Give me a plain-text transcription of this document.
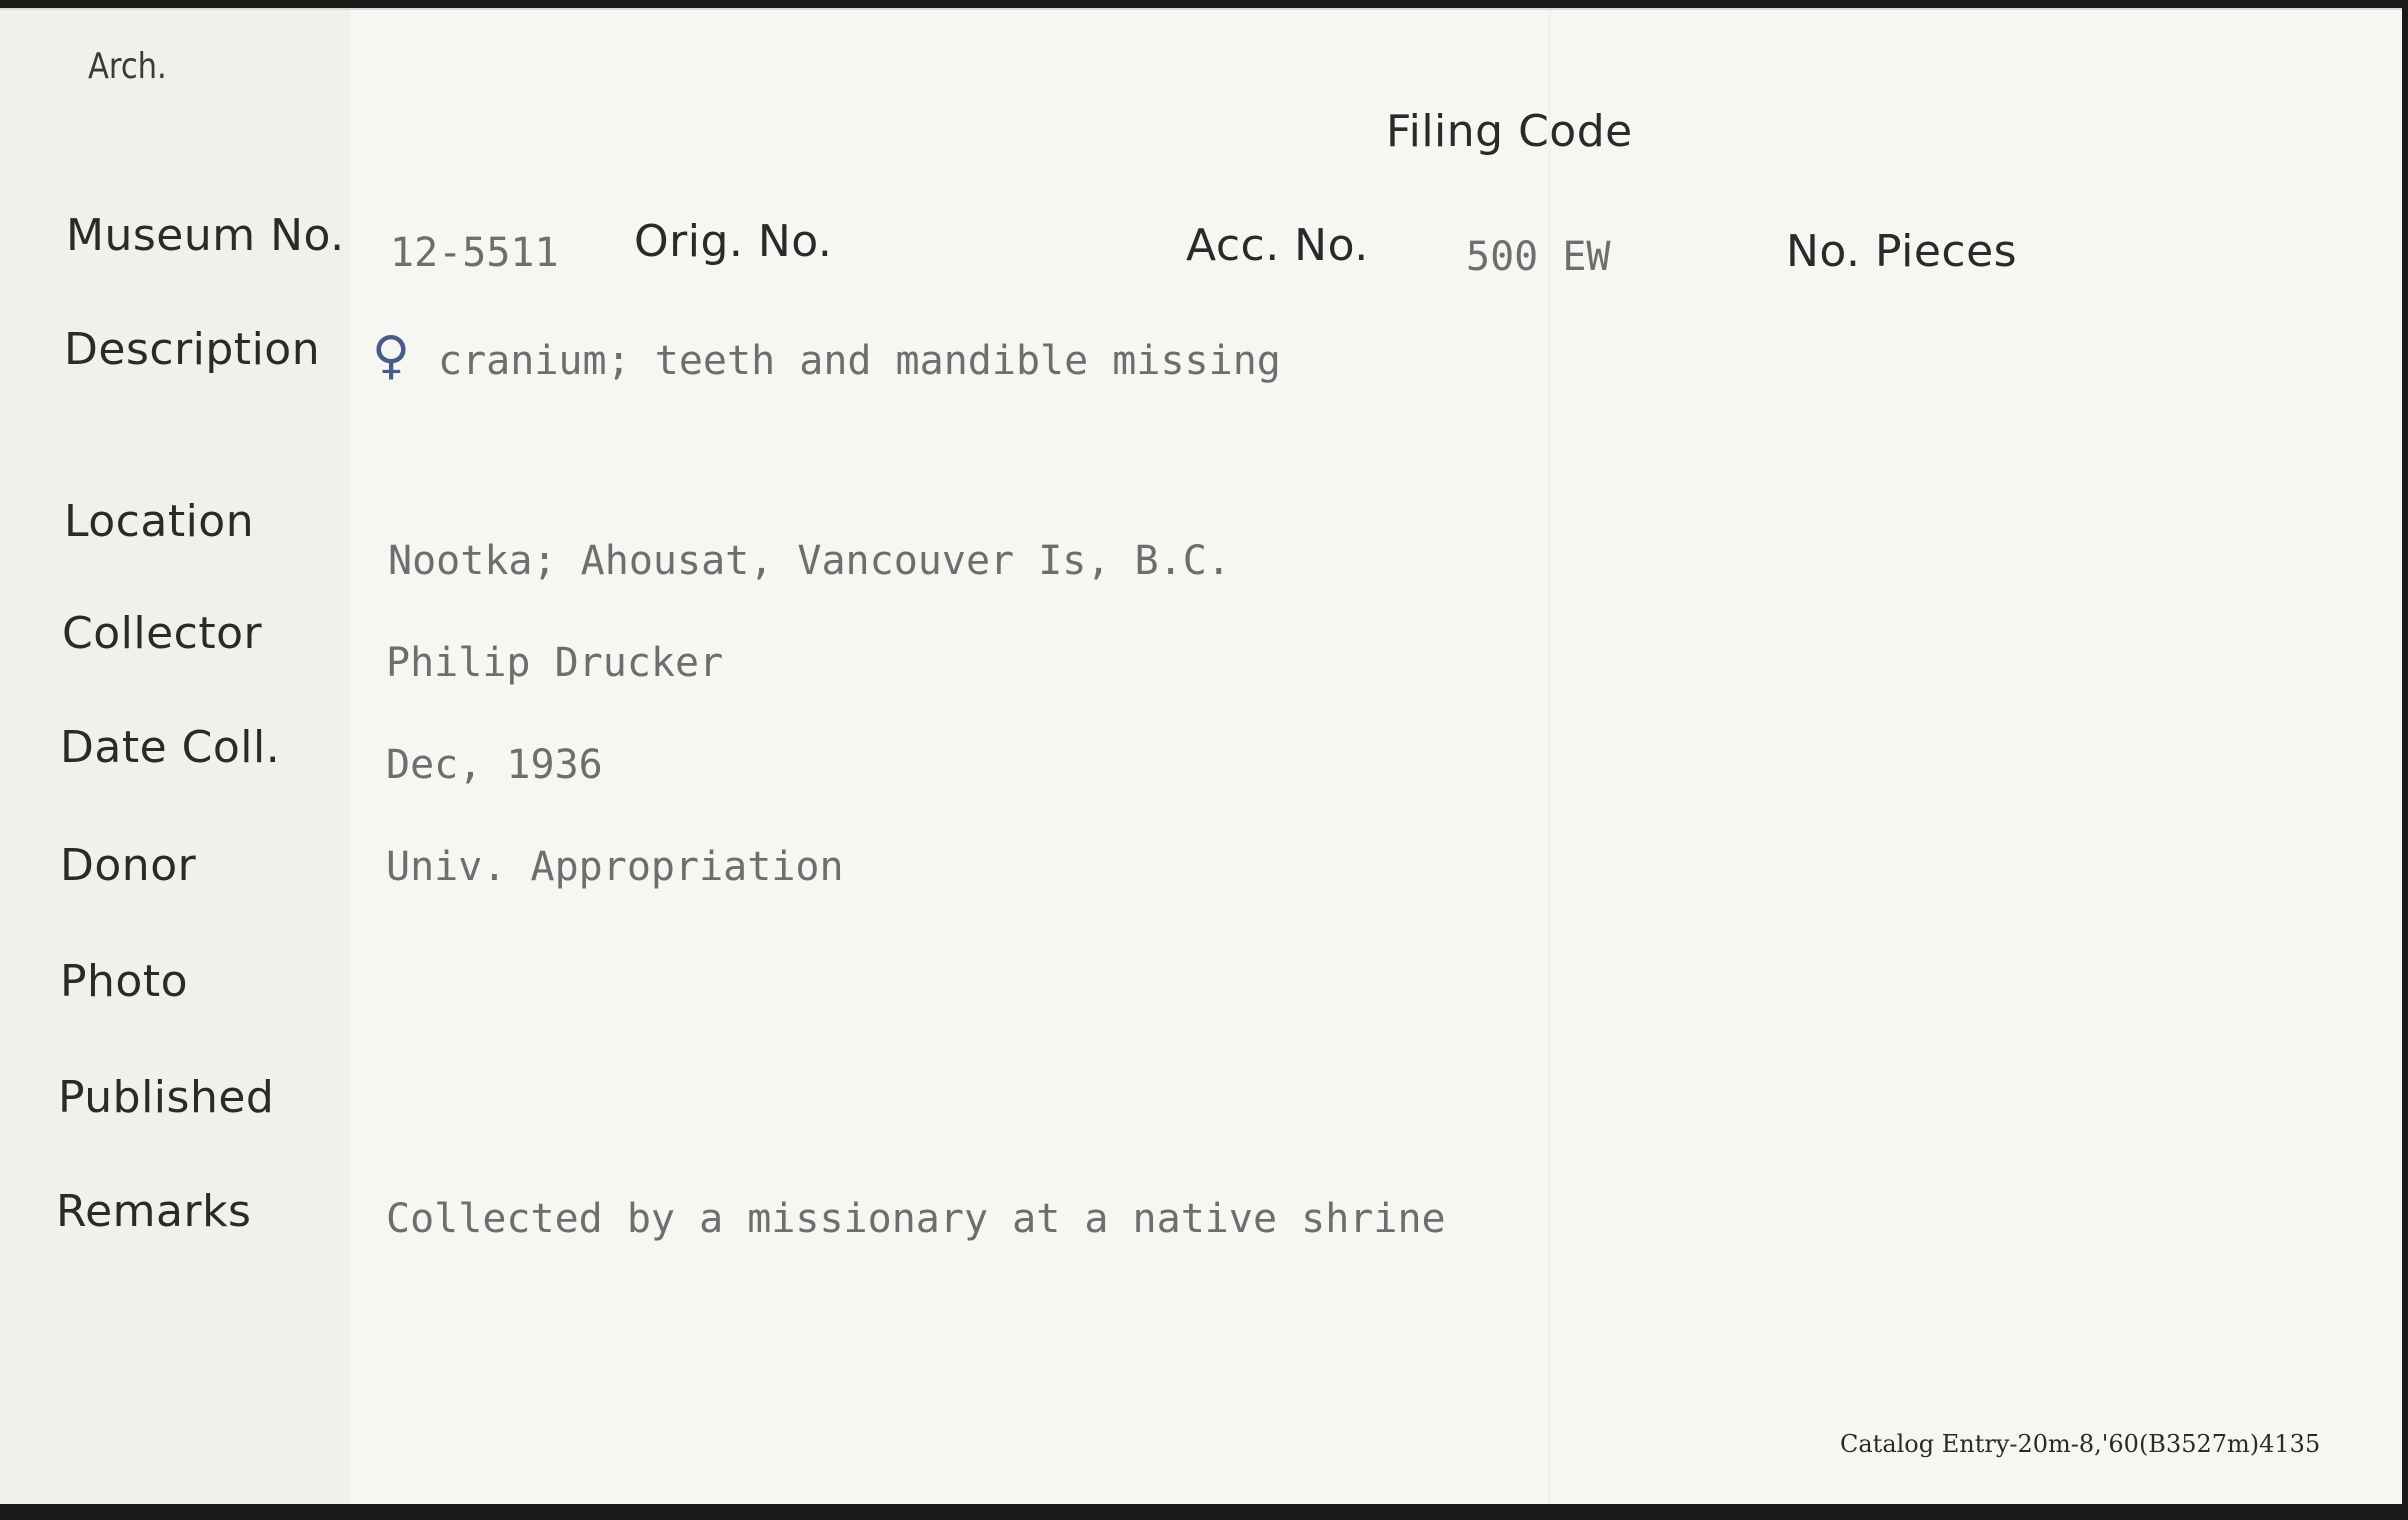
Arch.
Filing Code
Museum No. 12-5511 Orig. No.	Acc. No. 500 EW	No. Pieces
Description ♀ cranium; teeth and mandible missing
Location
Nootka; Ahousat, Vancouver Is, B.C.
Collector
Philip Drucker
Date Coll.	Dec, 1936
Donor	Univ. Appropriation
Photo
Published
Remarks	Collected by a missionary at a native shrine
Catalog Entry-20m-8,'60(B3527m)4135
